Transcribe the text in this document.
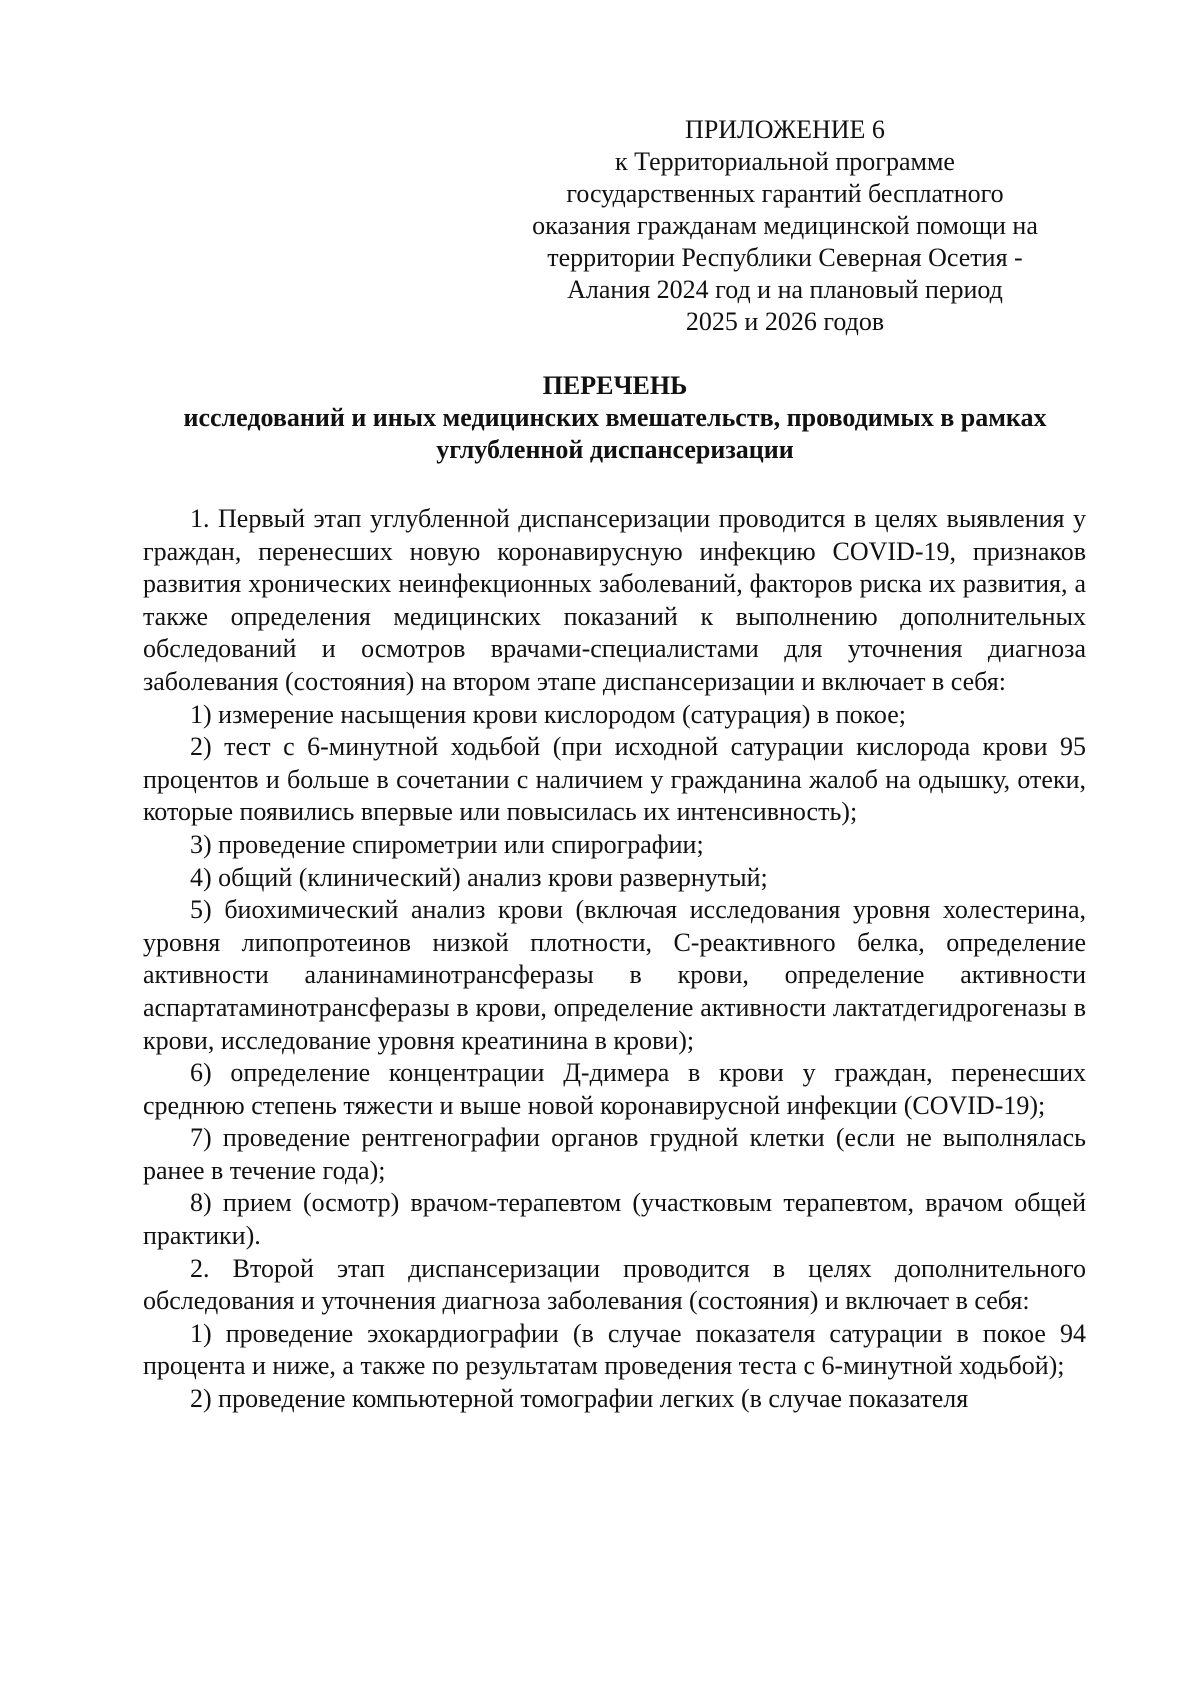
ПРИЛОЖЕНИЕ 6
к Территориальной программе
государственных гарантий бесплатного
оказания гражданам медицинской помощи на
территории Республики Северная Осетия -
Алания 2024 год и на плановый период
2025 и 2026 годов
ПЕРЕЧЕНЬ
исследований и иных медицинских вмешательств, проводимых в рамках
углубленной диспансеризации

1. Первый этап углубленной диспансеризации проводится в целях выявления у граждан, перенесших новую коронавирусную инфекцию COVID-19, признаков развития хронических неинфекционных заболеваний, факторов риска их развития, а также определения медицинских показаний к выполнению дополнительных обследований и осмотров врачами-специалистами для уточнения диагноза заболевания (состояния) на втором этапе диспансеризации и включает в себя:

1) измерение насыщения крови кислородом (сатурация) в покое;

2) тест с 6-минутной ходьбой (при исходной сатурации кислорода крови 95 процентов и больше в сочетании с наличием у гражданина жалоб на одышку, отеки, которые появились впервые или повысилась их интенсивность);

3) проведение спирометрии или спирографии;

4) общий (клинический) анализ крови развернутый;

5) биохимический анализ крови (включая исследования уровня холестерина, уровня липопротеинов низкой плотности, С-реактивного белка, определение активности аланинаминотрансферазы в крови, определение активности аспартатаминотрансферазы в крови, определение активности лактатдегидрогеназы в крови, исследование уровня креатинина в крови);

6) определение концентрации Д-димера в крови у граждан, перенесших среднюю степень тяжести и выше новой коронавирусной инфекции (COVID-19);

7) проведение рентгенографии органов грудной клетки (если не выполнялась ранее в течение года);

8) прием (осмотр) врачом-терапевтом (участковым терапевтом, врачом общей практики).

2. Второй этап диспансеризации проводится в целях дополнительного обследования и уточнения диагноза заболевания (состояния) и включает в себя:

1) проведение эхокардиографии (в случае показателя сатурации в покое 94 процента и ниже, а также по результатам проведения теста с 6-минутной ходьбой);

2) проведение компьютерной томографии легких (в случае показателя
